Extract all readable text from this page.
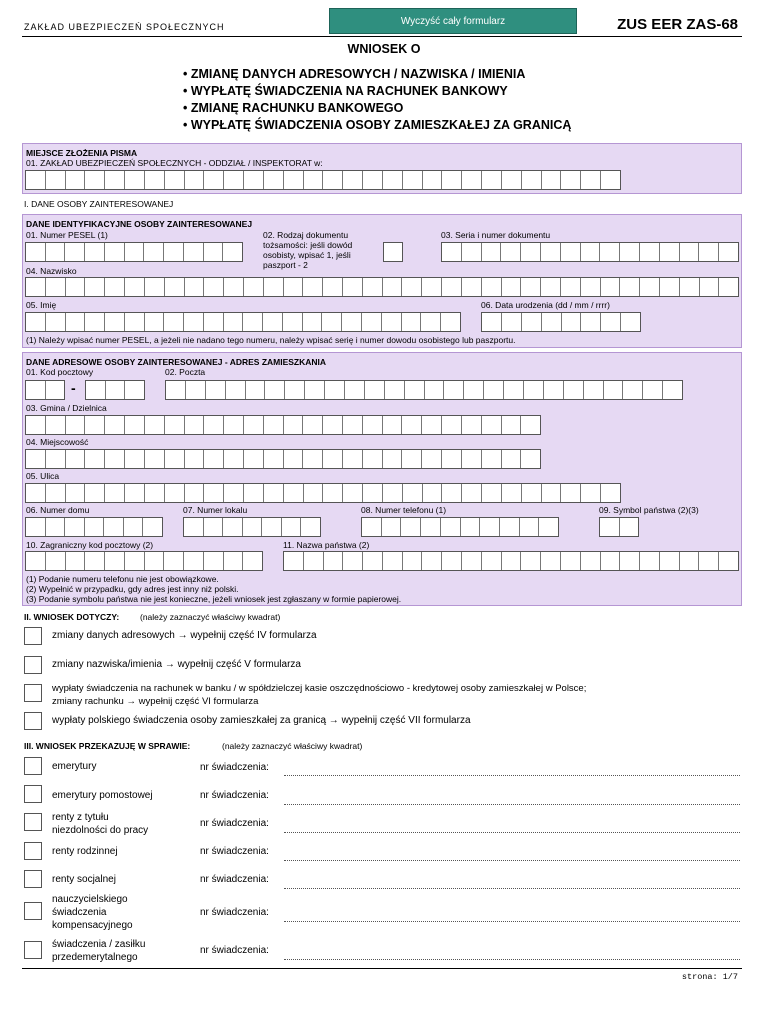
ZAKŁAD UBEZPIECZEŃ SPOŁECZNYCH
Wyczyść cały formularz	ZUS EER ZAS-68
WNIOSEK O
• ZMIANĘ DANYCH ADRESOWYCH / NAZWISKA / IMIENIA
• WYPŁATĘ ŚWIADCZENIA NA RACHUNEK BANKOWY
• ZMIANĘ RACHUNKU BANKOWEGO
• WYPŁATĘ ŚWIADCZENIA OSOBY ZAMIESZKAŁEJ ZA GRANICĄ
MIEJSCE ZŁOŻENIA PISMA
01. ZAKŁAD UBEZPIECZEŃ SPOŁECZNYCH - ODDZIAŁ / INSPEKTORAT w:
I. DANE OSOBY ZAINTERESOWANEJ
DANE IDENTYFIKACYJNE OSOBY ZAINTERESOWANEJ
01. Numer PESEL (1)	02. Rodzaj dokumentu
tożsamości: jeśli dowód
osobisty, wpisać 1, jeśli
paszport - 2
03. Seria i numer dokumentu
04. Nazwisko
05. Imię	06. Data urodzenia (dd / mm / rrrr)
(1) Należy wpisać numer PESEL, a jeżeli nie nadano tego numeru, należy wpisać serię i numer dowodu osobistego lub paszportu.
DANE ADRESOWE OSOBY ZAINTERESOWANEJ - ADRES ZAMIESZKANIA
01. Kod pocztowy
-
02. Poczta
03. Gmina / Dzielnica
04. Miejscowość
05. Ulica
06. Numer domu	07. Numer lokalu	08. Numer telefonu (1)	09. Symbol państwa (2)(3)
10. Zagraniczny kod pocztowy (2)	11. Nazwa państwa (2)
(1) Podanie numeru telefonu nie jest obowiązkowe.
(2) Wypełnić w przypadku, gdy adres jest inny niż polski.
(3) Podanie symbolu państwa nie jest konieczne, jeżeli wniosek jest zgłaszany w formie papierowej.
II. WNIOSEK DOTYCZY: (należy zaznaczyć właściwy kwadrat)
zmiany danych adresowych → wypełnij część IV formularza
zmiany nazwiska/imienia → wypełnij część V formularza
wypłaty świadczenia na rachunek w banku / w spółdzielczej kasie oszczędnościowo - kredytowej osoby zamieszkałej w Polsce;
zmiany rachunku → wypełnij część VI formularza
wypłaty polskiego świadczenia osoby zamieszkałej za granicą → wypełnij część VII formularza
III. WNIOSEK PRZEKAZUJĘ W SPRAWIE:	(należy zaznaczyć właściwy kwadrat)
emerytury	nr świadczenia:
emerytury pomostowej	nr świadczenia:
renty z tytułu
niezdolności do pracy
nr świadczenia:
renty rodzinnej	nr świadczenia:
renty socjalnej	nr świadczenia:
nauczycielskiego
świadczenia
kompensacyjnego
nr świadczenia:
świadczenia / zasiłku
przedemerytalnego
nr świadczenia:
strona: 1/7
